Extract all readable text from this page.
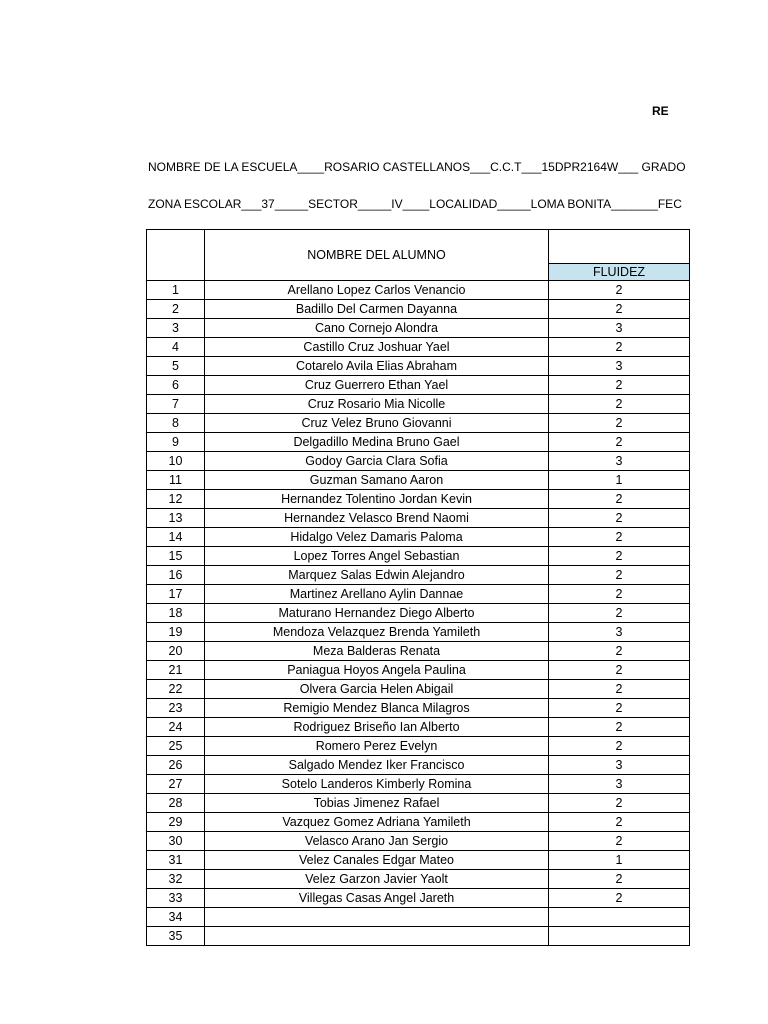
RE
NOMBRE DE LA ESCUELA____ROSARIO CASTELLANOS___C.C.T___15DPR2164W___ GRADO
ZONA ESCOLAR___37_____SECTOR_____IV____LOCALIDAD_____LOMA BONITA_______FEC
	NOMBRE DEL ALUMNO	
		FLUIDEZ
1	Arellano Lopez Carlos Venancio	2
2	Badillo Del Carmen Dayanna	2
3	Cano Cornejo Alondra	3
4	Castillo Cruz Joshuar Yael	2
5	Cotarelo Avila Elias Abraham	3
6	Cruz Guerrero Ethan Yael	2
7	Cruz Rosario Mia Nicolle	2
8	Cruz Velez Bruno Giovanni	2
9	Delgadillo Medina Bruno Gael	2
10	Godoy Garcia Clara Sofia	3
11	Guzman Samano Aaron	1
12	Hernandez Tolentino Jordan Kevin	2
13	Hernandez Velasco Brend Naomi	2
14	Hidalgo Velez Damaris Paloma	2
15	Lopez Torres Angel Sebastian	2
16	Marquez Salas Edwin Alejandro	2
17	Martinez Arellano Aylin Dannae	2
18	Maturano Hernandez Diego Alberto	2
19	Mendoza Velazquez Brenda Yamileth	3
20	Meza Balderas Renata	2
21	Paniagua Hoyos Angela Paulina	2
22	Olvera Garcia Helen Abigail	2
23	Remigio Mendez Blanca Milagros	2
24	Rodriguez Briseño Ian Alberto	2
25	Romero Perez Evelyn	2
26	Salgado Mendez Iker Francisco	3
27	Sotelo Landeros Kimberly Romina	3
28	Tobias Jimenez Rafael	2
29	Vazquez Gomez Adriana Yamileth	2
30	Velasco Arano Jan Sergio	2
31	Velez Canales Edgar Mateo	1
32	Velez Garzon Javier Yaolt	2
33	Villegas Casas Angel Jareth	2
34		
35		
